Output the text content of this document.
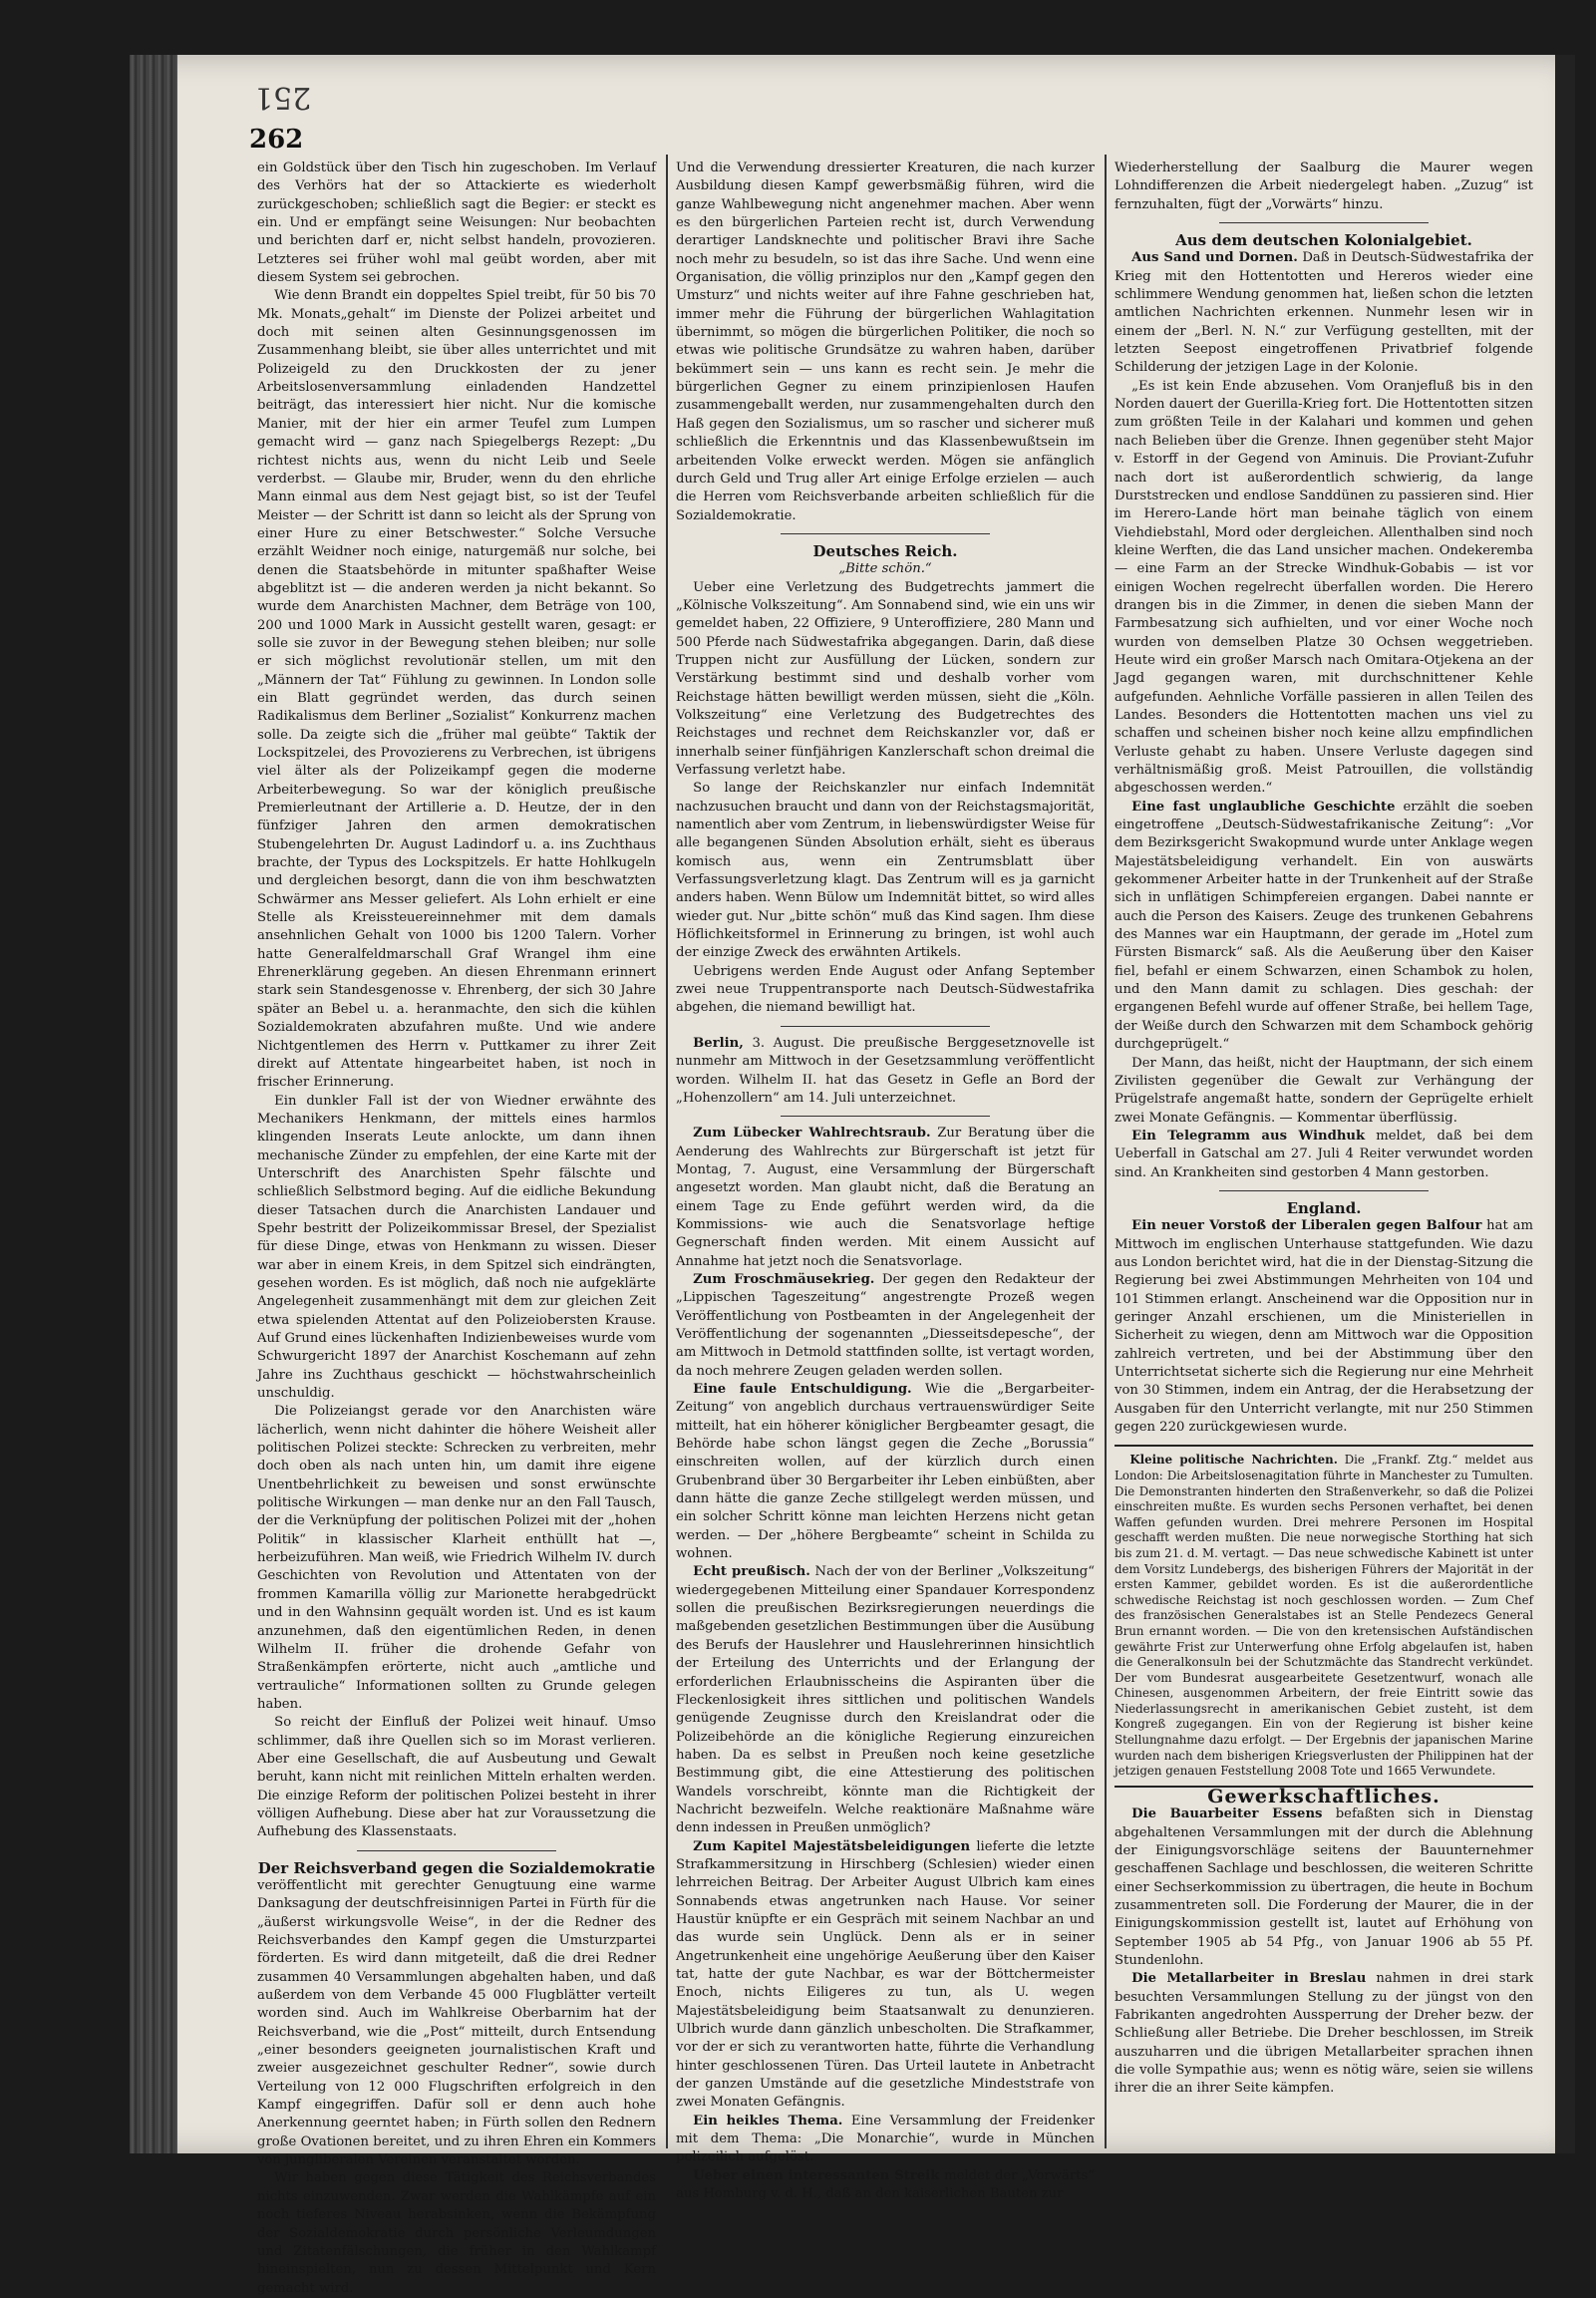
251
262

ein Goldstück über den Tisch hin zugeschoben. Im Verlauf des Verhörs hat der so Attackierte es wiederholt zurückgeschoben; schließlich sagt die Begier: er steckt es ein. Und er empfängt seine Weisungen: Nur beobachten und berichten darf er, nicht selbst handeln, provozieren. Letzteres sei früher wohl mal geübt worden, aber mit diesem System sei gebrochen.

Wie denn Brandt ein doppeltes Spiel treibt, für 50 bis 70 Mk. Monats„gehalt“ im Dienste der Polizei arbeitet und doch mit seinen alten Gesinnungsgenossen im Zusammenhang bleibt, sie über alles unterrichtet und mit Polizeigeld zu den Druckkosten der zu jener Arbeitslosenversammlung einladenden Handzettel beiträgt, das interessiert hier nicht. Nur die komische Manier, mit der hier ein armer Teufel zum Lumpen gemacht wird — ganz nach Spiegelbergs Rezept: „Du richtest nichts aus, wenn du nicht Leib und Seele verderbst. — Glaube mir, Bruder, wenn du den ehrliche Mann einmal aus dem Nest gejagt bist, so ist der Teufel Meister — der Schritt ist dann so leicht als der Sprung von einer Hure zu einer Betschwester.“ Solche Versuche erzählt Weidner noch einige, naturgemäß nur solche, bei denen die Staatsbehörde in mitunter spaßhafter Weise abgeblitzt ist — die anderen werden ja nicht bekannt. So wurde dem Anarchisten Machner, dem Beträge von 100, 200 und 1000 Mark in Aussicht gestellt waren, gesagt: er solle sie zuvor in der Bewegung stehen bleiben; nur solle er sich möglichst revolutionär stellen, um mit den „Männern der Tat“ Fühlung zu gewinnen. In London solle ein Blatt gegründet werden, das durch seinen Radikalismus dem Berliner „Sozialist“ Konkurrenz machen solle. Da zeigte sich die „früher mal geübte“ Taktik der Lockspitzelei, des Provozierens zu Verbrechen, ist übrigens viel älter als der Polizeikampf gegen die moderne Arbeiterbewegung. So war der königlich preußische Premierleutnant der Artillerie a. D. Heutze, der in den fünfziger Jahren den armen demokratischen Stubengelehrten Dr. August Ladindorf u. a. ins Zuchthaus brachte, der Typus des Lockspitzels. Er hatte Hohlkugeln und dergleichen besorgt, dann die von ihm beschwatzten Schwärmer ans Messer geliefert. Als Lohn erhielt er eine Stelle als Kreissteuereinnehmer mit dem damals ansehnlichen Gehalt von 1000 bis 1200 Talern. Vorher hatte Generalfeldmarschall Graf Wrangel ihm eine Ehrenerklärung gegeben. An diesen Ehrenmann erinnert stark sein Standesgenosse v. Ehrenberg, der sich 30 Jahre später an Bebel u. a. heranmachte, den sich die kühlen Sozialdemokraten abzufahren mußte. Und wie andere Nichtgentlemen des Herrn v. Puttkamer zu ihrer Zeit direkt auf Attentate hingearbeitet haben, ist noch in frischer Erinnerung.

Ein dunkler Fall ist der von Wiedner erwähnte des Mechanikers Henkmann, der mittels eines harmlos klingenden Inserats Leute anlockte, um dann ihnen mechanische Zünder zu empfehlen, der eine Karte mit der Unterschrift des Anarchisten Spehr fälschte und schließlich Selbstmord beging. Auf die eidliche Bekundung dieser Tatsachen durch die Anarchisten Landauer und Spehr bestritt der Polizeikommissar Bresel, der Spezialist für diese Dinge, etwas von Henkmann zu wissen. Dieser war aber in einem Kreis, in dem Spitzel sich eindrängten, gesehen worden. Es ist möglich, daß noch nie aufgeklärte Angelegenheit zusammenhängt mit dem zur gleichen Zeit etwa spielenden Attentat auf den Polizeiobersten Krause. Auf Grund eines lückenhaften Indizienbeweises wurde vom Schwurgericht 1897 der Anarchist Koschemann auf zehn Jahre ins Zuchthaus geschickt — höchstwahrscheinlich unschuldig.

Die Polizeiangst gerade vor den Anarchisten wäre lächerlich, wenn nicht dahinter die höhere Weisheit aller politischen Polizei steckte: Schrecken zu verbreiten, mehr doch oben als nach unten hin, um damit ihre eigene Unentbehrlichkeit zu beweisen und sonst erwünschte politische Wirkungen — man denke nur an den Fall Tausch, der die Verknüpfung der politischen Polizei mit der „hohen Politik“ in klassischer Klarheit enthüllt hat —, herbeizuführen. Man weiß, wie Friedrich Wilhelm IV. durch Geschichten von Revolution und Attentaten von der frommen Kamarilla völlig zur Marionette herabgedrückt und in den Wahnsinn gequält worden ist. Und es ist kaum anzunehmen, daß den eigentümlichen Reden, in denen Wilhelm II. früher die drohende Gefahr von Straßenkämpfen erörterte, nicht auch „amtliche und vertrauliche“ Informationen sollten zu Grunde gelegen haben.

So reicht der Einfluß der Polizei weit hinauf. Umso schlimmer, daß ihre Quellen sich so im Morast verlieren. Aber eine Gesellschaft, die auf Ausbeutung und Gewalt beruht, kann nicht mit reinlichen Mitteln erhalten werden. Die einzige Reform der politischen Polizei besteht in ihrer völligen Aufhebung. Diese aber hat zur Voraussetzung die Aufhebung des Klassenstaats.

Der Reichsverband gegen die Sozialdemokratie

veröffentlicht mit gerechter Genugtuung eine warme Danksagung der deutschfreisinnigen Partei in Fürth für die „äußerst wirkungsvolle Weise“, in der die Redner des Reichsverbandes den Kampf gegen die Umsturzpartei förderten. Es wird dann mitgeteilt, daß die drei Redner zusammen 40 Versammlungen abgehalten haben, und daß außerdem von dem Verbande 45 000 Flugblätter verteilt worden sind. Auch im Wahlkreise Oberbarnim hat der Reichsverband, wie die „Post“ mitteilt, durch Entsendung „einer besonders geeigneten journalistischen Kraft und zweier ausgezeichnet geschulter Redner“, sowie durch Verteilung von 12 000 Flugschriften erfolgreich in den Kampf eingegriffen. Dafür soll er denn auch hohe Anerkennung geerntet haben; in Fürth sollen den Rednern große Ovationen bereitet, und zu ihren Ehren ein Kommers von jungliberalen Vereinen veranstaltet worden.

Wir haben gegen diese Tätigkeit des Reichsverbandes nichts einzuwenden. Zwar werden die Wahlkämpfe auf ein noch tieferes Niveau herabsinken, wenn die Bekämpfung der Sozialdemokratie durch persönliche Verleumdungen und Zitatenfälschungen, die früher in den Wahlkampf hineinspielten, nun zu dessen Mittelpunkt und Kern gemacht wird.

Und die Verwendung dressierter Kreaturen, die nach kurzer Ausbildung diesen Kampf gewerbsmäßig führen, wird die ganze Wahlbewegung nicht angenehmer machen. Aber wenn es den bürgerlichen Parteien recht ist, durch Verwendung derartiger Landsknechte und politischer Bravi ihre Sache noch mehr zu besudeln, so ist das ihre Sache. Und wenn eine Organisation, die völlig prinziplos nur den „Kampf gegen den Umsturz“ und nichts weiter auf ihre Fahne geschrieben hat, immer mehr die Führung der bürgerlichen Wahlagitation übernimmt, so mögen die bürgerlichen Politiker, die noch so etwas wie politische Grundsätze zu wahren haben, darüber bekümmert sein — uns kann es recht sein. Je mehr die bürgerlichen Gegner zu einem prinzipienlosen Haufen zusammengeballt werden, nur zusammengehalten durch den Haß gegen den Sozialismus, um so rascher und sicherer muß schließlich die Erkenntnis und das Klassenbewußtsein im arbeitenden Volke erweckt werden. Mögen sie anfänglich durch Geld und Trug aller Art einige Erfolge erzielen — auch die Herren vom Reichsverbande arbeiten schließlich für die Sozialdemokratie.

Deutsches Reich.

„Bitte schön.“

Ueber eine Verletzung des Budgetrechts jammert die „Kölnische Volkszeitung“. Am Sonnabend sind, wie ein uns wir gemeldet haben, 22 Offiziere, 9 Unteroffiziere, 280 Mann und 500 Pferde nach Südwestafrika abgegangen. Darin, daß diese Truppen nicht zur Ausfüllung der Lücken, sondern zur Verstärkung bestimmt sind und deshalb vorher vom Reichstage hätten bewilligt werden müssen, sieht die „Köln. Volkszeitung“ eine Verletzung des Budgetrechtes des Reichstages und rechnet dem Reichskanzler vor, daß er innerhalb seiner fünfjährigen Kanzlerschaft schon dreimal die Verfassung verletzt habe.

So lange der Reichskanzler nur einfach Indemnität nachzusuchen braucht und dann von der Reichstagsmajorität, namentlich aber vom Zentrum, in liebenswürdigster Weise für alle begangenen Sünden Absolution erhält, sieht es überaus komisch aus, wenn ein Zentrumsblatt über Verfassungsverletzung klagt. Das Zentrum will es ja garnicht anders haben. Wenn Bülow um Indemnität bittet, so wird alles wieder gut. Nur „bitte schön“ muß das Kind sagen. Ihm diese Höflichkeitsformel in Erinnerung zu bringen, ist wohl auch der einzige Zweck des erwähnten Artikels.

Uebrigens werden Ende August oder Anfang September zwei neue Truppentransporte nach Deutsch-Südwestafrika abgehen, die niemand bewilligt hat.

Berlin, 3. August. Die preußische Berggesetznovelle ist nunmehr am Mittwoch in der Gesetzsammlung veröffentlicht worden. Wilhelm II. hat das Gesetz in Gefle an Bord der „Hohenzollern“ am 14. Juli unterzeichnet.

Zum Lübecker Wahlrechtsraub. Zur Beratung über die Aenderung des Wahlrechts zur Bürgerschaft ist jetzt für Montag, 7. August, eine Versammlung der Bürgerschaft angesetzt worden. Man glaubt nicht, daß die Beratung an einem Tage zu Ende geführt werden wird, da die Kommissions- wie auch die Senatsvorlage heftige Gegnerschaft finden werden. Mit einem Aussicht auf Annahme hat jetzt noch die Senatsvorlage.

Zum Froschmäusekrieg. Der gegen den Redakteur der „Lippischen Tageszeitung“ angestrengte Prozeß wegen Veröffentlichung von Postbeamten in der Angelegenheit der Veröffentlichung der sogenannten „Diesseitsdepesche“, der am Mittwoch in Detmold stattfinden sollte, ist vertagt worden, da noch mehrere Zeugen geladen werden sollen.

Eine faule Entschuldigung. Wie die „Bergarbeiter-Zeitung“ von angeblich durchaus vertrauenswürdiger Seite mitteilt, hat ein höherer königlicher Bergbeamter gesagt, die Behörde habe schon längst gegen die Zeche „Borussia“ einschreiten wollen, auf der kürzlich durch einen Grubenbrand über 30 Bergarbeiter ihr Leben einbüßten, aber dann hätte die ganze Zeche stillgelegt werden müssen, und ein solcher Schritt könne man leichten Herzens nicht getan werden. — Der „höhere Bergbeamte“ scheint in Schilda zu wohnen.

Echt preußisch. Nach der von der Berliner „Volkszeitung“ wiedergegebenen Mitteilung einer Spandauer Korrespondenz sollen die preußischen Bezirksregierungen neuerdings die maßgebenden gesetzlichen Bestimmungen über die Ausübung des Berufs der Hauslehrer und Hauslehrerinnen hinsichtlich der Erteilung des Unterrichts und der Erlangung der erforderlichen Erlaubnisscheins die Aspiranten über die Fleckenlosigkeit ihres sittlichen und politischen Wandels genügende Zeugnisse durch den Kreislandrat oder die Polizeibehörde an die königliche Regierung einzureichen haben. Da es selbst in Preußen noch keine gesetzliche Bestimmung gibt, die eine Attestierung des politischen Wandels vorschreibt, könnte man die Richtigkeit der Nachricht bezweifeln. Welche reaktionäre Maßnahme wäre denn indessen in Preußen unmöglich?

Zum Kapitel Majestätsbeleidigungen lieferte die letzte Strafkammersitzung in Hirschberg (Schlesien) wieder einen lehrreichen Beitrag. Der Arbeiter August Ulbrich kam eines Sonnabends etwas angetrunken nach Hause. Vor seiner Haustür knüpfte er ein Gespräch mit seinem Nachbar an und das wurde sein Unglück. Denn als er in seiner Angetrunkenheit eine ungehörige Aeußerung über den Kaiser tat, hatte der gute Nachbar, es war der Böttchermeister Enoch, nichts Eiligeres zu tun, als U. wegen Majestätsbeleidigung beim Staatsanwalt zu denunzieren. Ulbrich wurde dann gänzlich unbescholten. Die Strafkammer, vor der er sich zu verantworten hatte, führte die Verhandlung hinter geschlossenen Türen. Das Urteil lautete in Anbetracht der ganzen Umstände auf die gesetzliche Mindeststrafe von zwei Monaten Gefängnis.

Ein heikles Thema. Eine Versammlung der Freidenker mit dem Thema: „Die Monarchie“, wurde in München polizeilich aufgelöst.

Ueber einen interessanten Streik meldet der „Vorwärts“ aus Homburg v. d. H., daß an den kaiserlichen Bauten zur

Wiederherstellung der Saalburg die Maurer wegen Lohndifferenzen die Arbeit niedergelegt haben. „Zuzug“ ist fernzuhalten, fügt der „Vorwärts“ hinzu.

Aus dem deutschen Kolonialgebiet.

Aus Sand und Dornen. Daß in Deutsch-Südwestafrika der Krieg mit den Hottentotten und Hereros wieder eine schlimmere Wendung genommen hat, ließen schon die letzten amtlichen Nachrichten erkennen. Nunmehr lesen wir in einem der „Berl. N. N.“ zur Verfügung gestellten, mit der letzten Seepost eingetroffenen Privatbrief folgende Schilderung der jetzigen Lage in der Kolonie.

„Es ist kein Ende abzusehen. Vom Oranjefluß bis in den Norden dauert der Guerilla-Krieg fort. Die Hottentotten sitzen zum größten Teile in der Kalahari und kommen und gehen nach Belieben über die Grenze. Ihnen gegenüber steht Major v. Estorff in der Gegend von Aminuis. Die Proviant-Zufuhr nach dort ist außerordentlich schwierig, da lange Durststrecken und endlose Sanddünen zu passieren sind. Hier im Herero-Lande hört man beinahe täglich von einem Viehdiebstahl, Mord oder dergleichen. Allenthalben sind noch kleine Werften, die das Land unsicher machen. Ondekeremba — eine Farm an der Strecke Windhuk-Gobabis — ist vor einigen Wochen regelrecht überfallen worden. Die Herero drangen bis in die Zimmer, in denen die sieben Mann der Farmbesatzung sich aufhielten, und vor einer Woche noch wurden von demselben Platze 30 Ochsen weggetrieben. Heute wird ein großer Marsch nach Omitara-Otjekena an der Jagd gegangen waren, mit durchschnittener Kehle aufgefunden. Aehnliche Vorfälle passieren in allen Teilen des Landes. Besonders die Hottentotten machen uns viel zu schaffen und scheinen bisher noch keine allzu empfindlichen Verluste gehabt zu haben. Unsere Verluste dagegen sind verhältnismäßig groß. Meist Patrouillen, die vollständig abgeschossen werden.“

Eine fast unglaubliche Geschichte erzählt die soeben eingetroffene „Deutsch-Südwestafrikanische Zeitung“: „Vor dem Bezirksgericht Swakopmund wurde unter Anklage wegen Majestätsbeleidigung verhandelt. Ein von auswärts gekommener Arbeiter hatte in der Trunkenheit auf der Straße sich in unflätigen Schimpfereien ergangen. Dabei nannte er auch die Person des Kaisers. Zeuge des trunkenen Gebahrens des Mannes war ein Hauptmann, der gerade im „Hotel zum Fürsten Bismarck“ saß. Als die Aeußerung über den Kaiser fiel, befahl er einem Schwarzen, einen Schambok zu holen, und den Mann damit zu schlagen. Dies geschah: der ergangenen Befehl wurde auf offener Straße, bei hellem Tage, der Weiße durch den Schwarzen mit dem Schambock gehörig durchgeprügelt.“

Der Mann, das heißt, nicht der Hauptmann, der sich einem Zivilisten gegenüber die Gewalt zur Verhängung der Prügelstrafe angemaßt hatte, sondern der Geprügelte erhielt zwei Monate Gefängnis. — Kommentar überflüssig.

Ein Telegramm aus Windhuk meldet, daß bei dem Ueberfall in Gatschal am 27. Juli 4 Reiter verwundet worden sind. An Krankheiten sind gestorben 4 Mann gestorben.

England.

Ein neuer Vorstoß der Liberalen gegen Balfour hat am Mittwoch im englischen Unterhause stattgefunden. Wie dazu aus London berichtet wird, hat die in der Dienstag-Sitzung die Regierung bei zwei Abstimmungen Mehrheiten von 104 und 101 Stimmen erlangt. Anscheinend war die Opposition nur in geringer Anzahl erschienen, um die Ministeriellen in Sicherheit zu wiegen, denn am Mittwoch war die Opposition zahlreich vertreten, und bei der Abstimmung über den Unterrichtsetat sicherte sich die Regierung nur eine Mehrheit von 30 Stimmen, indem ein Antrag, der die Herabsetzung der Ausgaben für den Unterricht verlangte, mit nur 250 Stimmen gegen 220 zurückgewiesen wurde.

Kleine politische Nachrichten. Die „Frankf. Ztg.“ meldet aus London: Die Arbeitslosenagitation führte in Manchester zu Tumulten. Die Demonstranten hinderten den Straßenverkehr, so daß die Polizei einschreiten mußte. Es wurden sechs Personen verhaftet, bei denen Waffen gefunden wurden. Drei mehrere Personen im Hospital geschafft werden mußten. Die neue norwegische Storthing hat sich bis zum 21. d. M. vertagt. — Das neue schwedische Kabinett ist unter dem Vorsitz Lundebergs, des bisherigen Führers der Majorität in der ersten Kammer, gebildet worden. Es ist die außerordentliche schwedische Reichstag ist noch geschlossen worden. — Zum Chef des französischen Generalstabes ist an Stelle Pendezecs General Brun ernannt worden. — Die von den kretensischen Aufständischen gewährte Frist zur Unterwerfung ohne Erfolg abgelaufen ist, haben die Generalkonsuln bei der Schutzmächte das Standrecht verkündet. Der vom Bundesrat ausgearbeitete Gesetzentwurf, wonach alle Chinesen, ausgenommen Arbeitern, der freie Eintritt sowie das Niederlassungsrecht in amerikanischen Gebiet zusteht, ist dem Kongreß zugegangen. Ein von der Regierung ist bisher keine Stellungnahme dazu erfolgt. — Der Ergebnis der japanischen Marine wurden nach dem bisherigen Kriegsverlusten der Philippinen hat der jetzigen genauen Feststellung 2008 Tote und 1665 Verwundete.

Gewerkschaftliches.

Die Bauarbeiter Essens befaßten sich in Dienstag abgehaltenen Versammlungen mit der durch die Ablehnung der Einigungsvorschläge seitens der Bauunternehmer geschaffenen Sachlage und beschlossen, die weiteren Schritte einer Sechserkommission zu übertragen, die heute in Bochum zusammentreten soll. Die Forderung der Maurer, die in der Einigungskommission gestellt ist, lautet auf Erhöhung von September 1905 ab 54 Pfg., von Januar 1906 ab 55 Pf. Stundenlohn.

Die Metallarbeiter in Breslau nahmen in drei stark besuchten Versammlungen Stellung zu der jüngst von den Fabrikanten angedrohten Aussperrung der Dreher bezw. der Schließung aller Betriebe. Die Dreher beschlossen, im Streik auszuharren und die übrigen Metallarbeiter sprachen ihnen die volle Sympathie aus; wenn es nötig wäre, seien sie willens ihrer die an ihrer Seite kämpfen.
